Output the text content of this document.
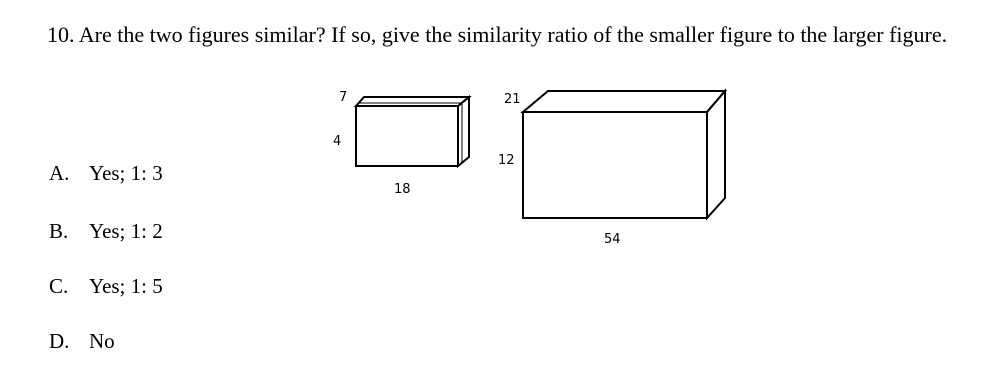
10. Are the two figures similar? If so, give the similarity ratio of the smaller figure to the larger figure.
7
4
18
21
12
54
A. Yes; 1: 3
B. Yes; 1: 2
C. Yes; 1: 5
D. No
